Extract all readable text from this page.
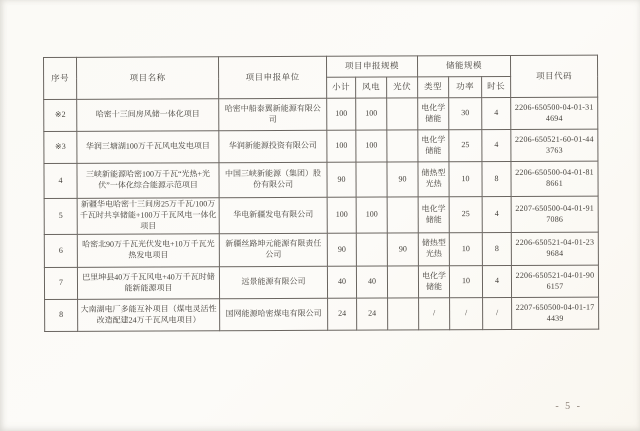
序号	项目名称	项目申报单位	项目申报规模			储能规模			项目代码
			小计	风电	光伏	类型	功率	时长	
※2	哈密十三间房风储一体化项目	哈密中船泰翼新能源有限公司	100	100		电化学储能	30	4	2206-650500-04-01-314694
※3	华润三塘湖100万千瓦风电发电项目	华润新能源投资有限公司	100	100		电化学储能	25	4	2206-650521-60-01-443763
4	三峡新能源哈密100万千瓦“光热+光伏”一体化综合能源示范项目	中国三峡新能源（集团）股份有限公司	90		90	储热型光热	10	8	2206-650500-04-01-818661
5	新疆华电哈密十三间房25万千瓦/100万千瓦时共享储能+100万千瓦风电一体化项目	华电新疆发电有限公司	100	100		电化学储能	25	4	2207-650500-04-01-917086
6	哈密北90万千瓦光伏发电+10万千瓦光热发电项目	新疆丝路坤元能源有限责任公司	90		90	储热型光热	10	8	2206-650521-04-01-239684
7	巴里坤县40万千瓦风电+40万千瓦时储能新能源项目	远景能源有限公司	40	40		电化学储能	10	4	2206-650521-04-01-906157
8	大南湖电厂多能互补项目（煤电灵活性改造配建24万千瓦风电项目）	国网能源哈密煤电有限公司	24	24		/	/	/	2207-650500-04-01-174439
- 5 -
